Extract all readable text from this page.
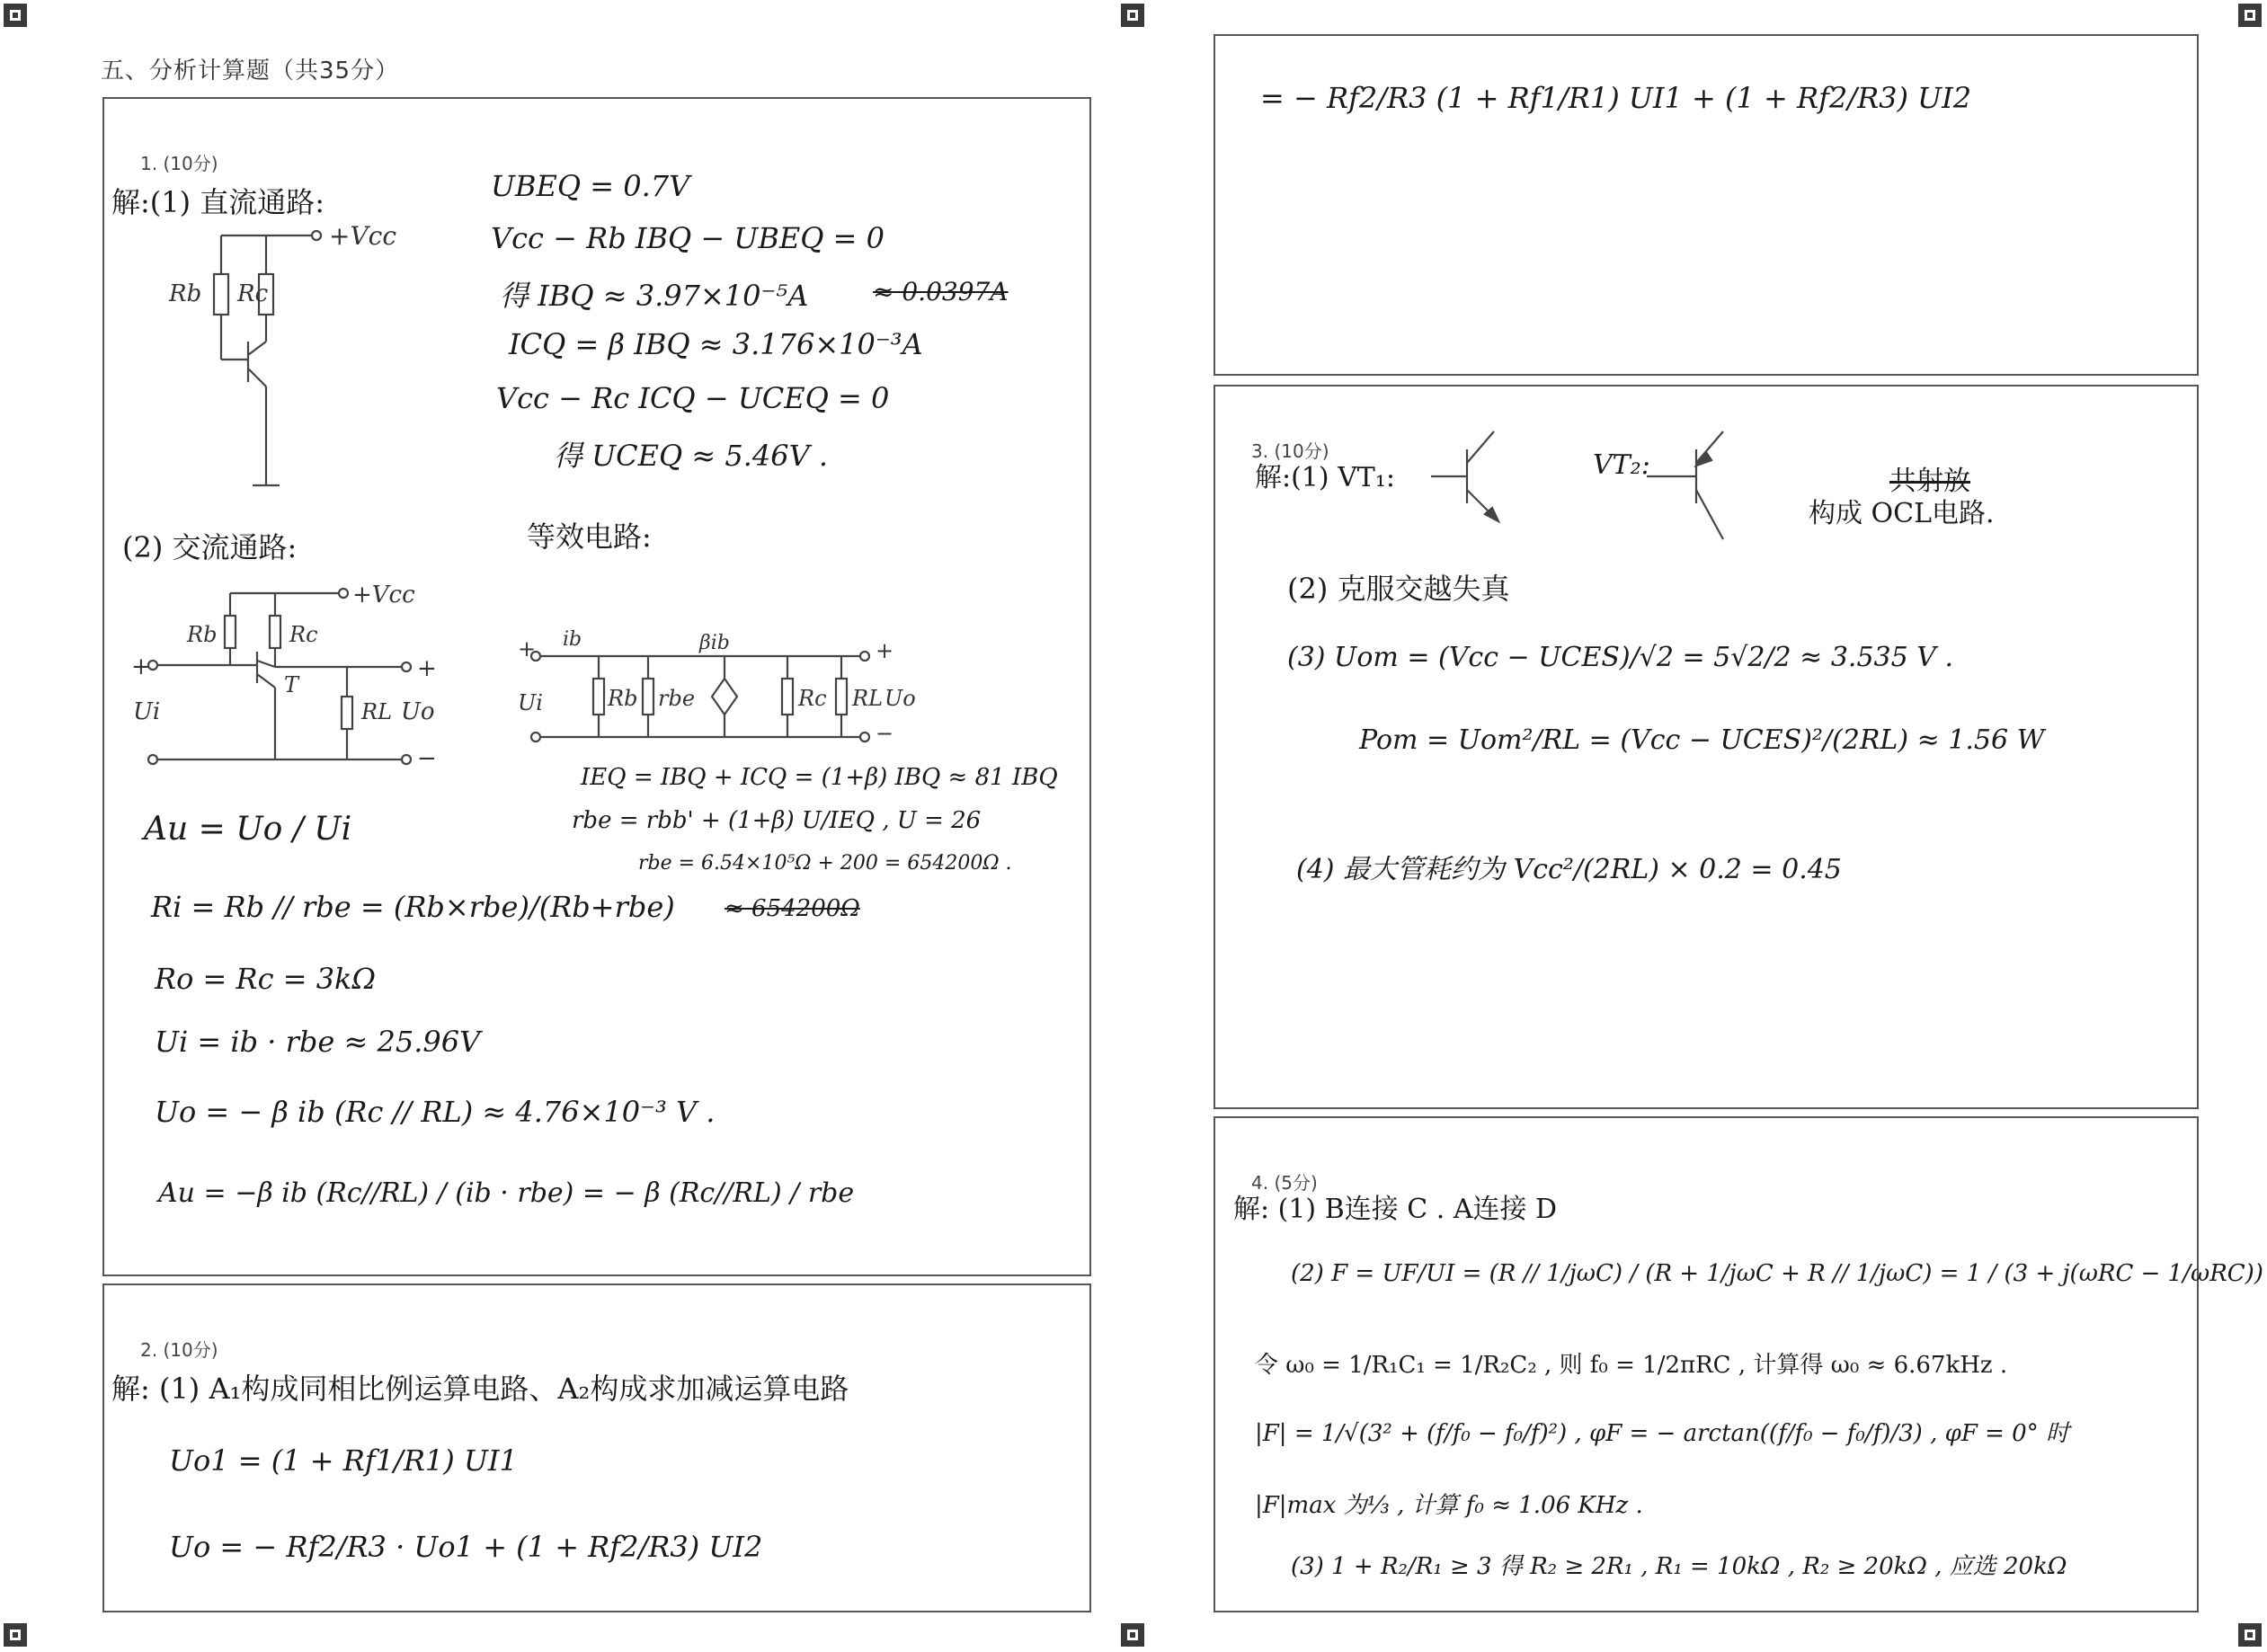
五、分析计算题（共35分）
1. (10分)
解:(1) 直流通路:
+Vcc
Rb Rc
UBEQ = 0.7V
Vcc − Rb IBQ − UBEQ = 0
得 IBQ ≈ 3.97×10⁻⁵A	≈ 0.0397A
ICQ = β IBQ ≈ 3.176×10⁻³A
Vcc − Rc ICQ − UCEQ = 0
得 UCEQ ≈ 5.46V .
(2) 交流通路:	等效电路:
+Vcc
Rb	Rc
+
Ui
T
+
RL Uo
−
+ ib
Rb rbe
βib
Rc RL Uo
+
Ui
−
IEQ = IBQ + ICQ = (1+β) IBQ ≈ 81 IBQ
rbe = rbb' + (1+β) U/IEQ , U = 26
rbe = 6.54×10⁵Ω + 200 = 654200Ω .
Au = Uo / Ui
Ri = Rb // rbe = (Rb×rbe)/(Rb+rbe) ≈ 654200Ω
Ro = Rc = 3kΩ
Ui = ib · rbe ≈ 25.96V
Uo = − β ib (Rc // RL) ≈ 4.76×10⁻³ V .
Au = −β ib (Rc//RL) / (ib · rbe) = − β (Rc//RL) / rbe
2. (10分)
解: (1) A₁构成同相比例运算电路、A₂构成求加减运算电路
Uo1 = (1 + Rf1/R1) UI1
Uo = − Rf2/R3 · Uo1 + (1 + Rf2/R3) UI2
= − Rf2/R3 (1 + Rf1/R1) UI1 + (1 + Rf2/R3) UI2
3. (10分)
解:(1) VT₁:	VT₂:
共射放
构成 OCL电路.
(2) 克服交越失真
(3) Uom = (Vcc − UCES)/√2 = 5√2/2 ≈ 3.535 V .
Pom = Uom²/RL = (Vcc − UCES)²/(2RL) ≈ 1.56 W
(4) 最大管耗约为 Vcc²/(2RL) × 0.2 = 0.45
4. (5分)
解: (1) B连接 C . A连接 D
(2) F = UF/UI = (R // 1/jωC) / (R + 1/jωC + R // 1/jωC) = 1 / (3 + j(ωRC − 1/ωRC))
令 ω₀ = 1/R₁C₁ = 1/R₂C₂ , 则 f₀ = 1/2πRC , 计算得 ω₀ ≈ 6.67kHz .
|F| = 1/√(3² + (f/f₀ − f₀/f)²) , φF = − arctan((f/f₀ − f₀/f)/3) , φF = 0° 时
|F|max 为⅓ , 计算 f₀ ≈ 1.06 KHz .
(3) 1 + R₂/R₁ ≥ 3 得 R₂ ≥ 2R₁ , R₁ = 10kΩ , R₂ ≥ 20kΩ , 应选 20kΩ
